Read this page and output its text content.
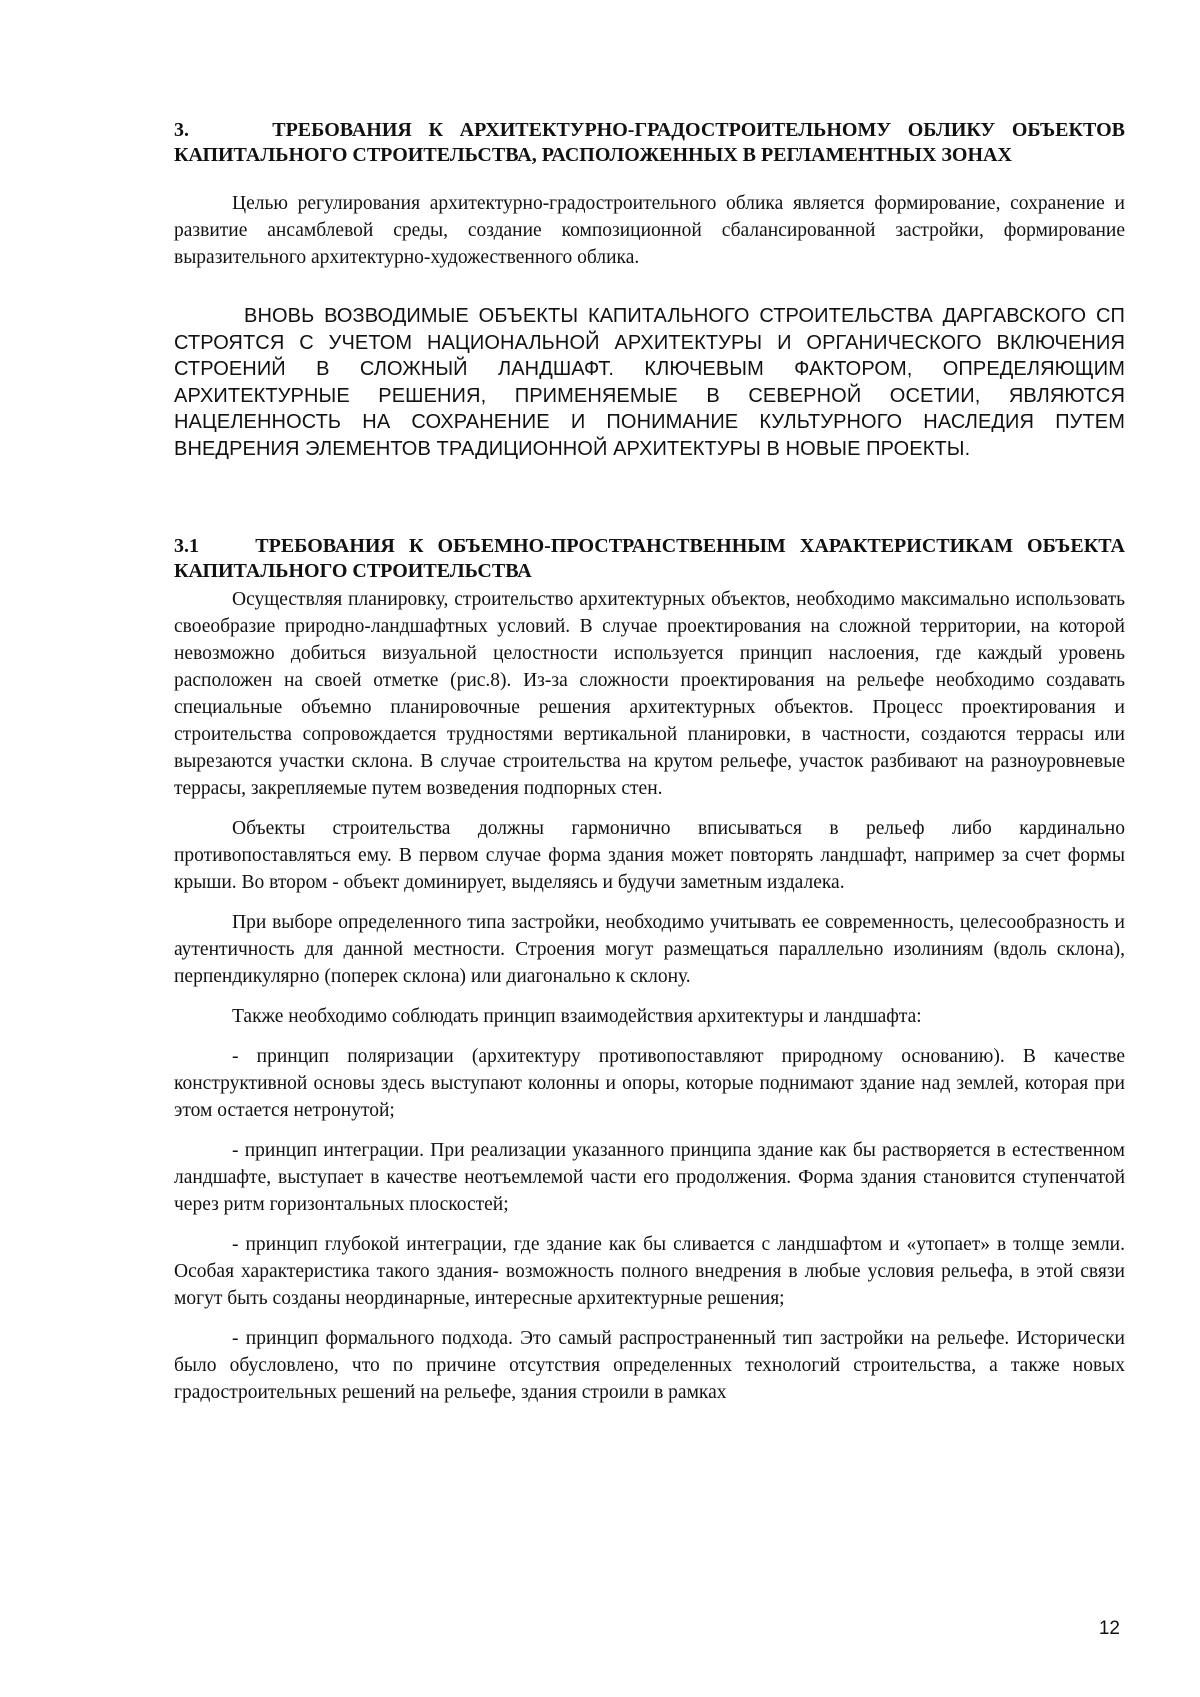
3.     ТРЕБОВАНИЯ К АРХИТЕКТУРНО-ГРАДОСТРОИТЕЛЬНОМУ ОБЛИКУ ОБЪЕКТОВ КАПИТАЛЬНОГО СТРОИТЕЛЬСТВА, РАСПОЛОЖЕННЫХ В РЕГЛАМЕНТНЫХ ЗОНАХ

Целью регулирования архитектурно-градостроительного облика является формирование, сохранение и развитие ансамблевой среды, создание композиционной сбалансированной застройки, формирование выразительного архитектурно-художественного облика.

ВНОВЬ ВОЗВОДИМЫЕ ОБЪЕКТЫ КАПИТАЛЬНОГО СТРОИТЕЛЬСТВА ДАРГАВСКОГО СП СТРОЯТСЯ С УЧЕТОМ НАЦИОНАЛЬНОЙ АРХИТЕКТУРЫ И ОРГАНИЧЕСКОГО ВКЛЮЧЕНИЯ СТРОЕНИЙ В СЛОЖНЫЙ ЛАНДШАФТ. КЛЮЧЕВЫМ ФАКТОРОМ, ОПРЕДЕЛЯЮЩИМ АРХИТЕКТУРНЫЕ РЕШЕНИЯ, ПРИМЕНЯЕМЫЕ В СЕВЕРНОЙ ОСЕТИИ, ЯВЛЯЮТСЯ НАЦЕЛЕННОСТЬ НА СОХРАНЕНИЕ И ПОНИМАНИЕ КУЛЬТУРНОГО НАСЛЕДИЯ ПУТЕМ ВНЕДРЕНИЯ ЭЛЕМЕНТОВ ТРАДИЦИОННОЙ АРХИТЕКТУРЫ В НОВЫЕ ПРОЕКТЫ.

3.1    ТРЕБОВАНИЯ К ОБЪЕМНО-ПРОСТРАНСТВЕННЫМ ХАРАКТЕРИСТИКАМ ОБЪЕКТА КАПИТАЛЬНОГО СТРОИТЕЛЬСТВА

Осуществляя планировку, строительство архитектурных объектов, необходимо максимально использовать своеобразие природно-ландшафтных условий. В случае проектирования на сложной территории, на которой невозможно добиться визуальной целостности используется принцип наслоения, где каждый уровень расположен на своей отметке (рис.8). Из-за сложности проектирования на рельефе необходимо создавать специальные объемно планировочные решения архитектурных объектов. Процесс проектирования и строительства сопровождается трудностями вертикальной планировки, в частности, создаются террасы или вырезаются участки склона. В случае строительства на крутом рельефе, участок разбивают на разноуровневые террасы, закрепляемые путем возведения подпорных стен.

Объекты строительства должны гармонично вписываться в рельеф либо кардинально противопоставляться ему. В первом случае форма здания может повторять ландшафт, например за счет формы крыши. Во втором - объект доминирует, выделяясь и будучи заметным издалека.

При выборе определенного типа застройки, необходимо учитывать ее современность, целесообразность и аутентичность для данной местности. Строения могут размещаться параллельно изолиниям (вдоль склона), перпендикулярно (поперек склона) или диагонально к склону.

Также необходимо соблюдать принцип взаимодействия архитектуры и ландшафта:

- принцип поляризации (архитектуру противопоставляют природному основанию). В качестве конструктивной основы здесь выступают колонны и опоры, которые поднимают здание над землей, которая при этом остается нетронутой;

- принцип интеграции. При реализации указанного принципа здание как бы растворяется в естественном ландшафте, выступает в качестве неотъемлемой части его продолжения. Форма здания становится ступенчатой через ритм горизонтальных плоскостей;

- принцип глубокой интеграции, где здание как бы сливается с ландшафтом и «утопает» в толще земли. Особая характеристика такого здания- возможность полного внедрения в любые условия рельефа, в этой связи могут быть созданы неординарные, интересные архитектурные решения;

- принцип формального подхода. Это самый распространенный тип застройки на рельефе. Исторически было обусловлено, что по причине отсутствия определенных технологий строительства, а также новых градостроительных решений на рельефе, здания строили в рамках

12
